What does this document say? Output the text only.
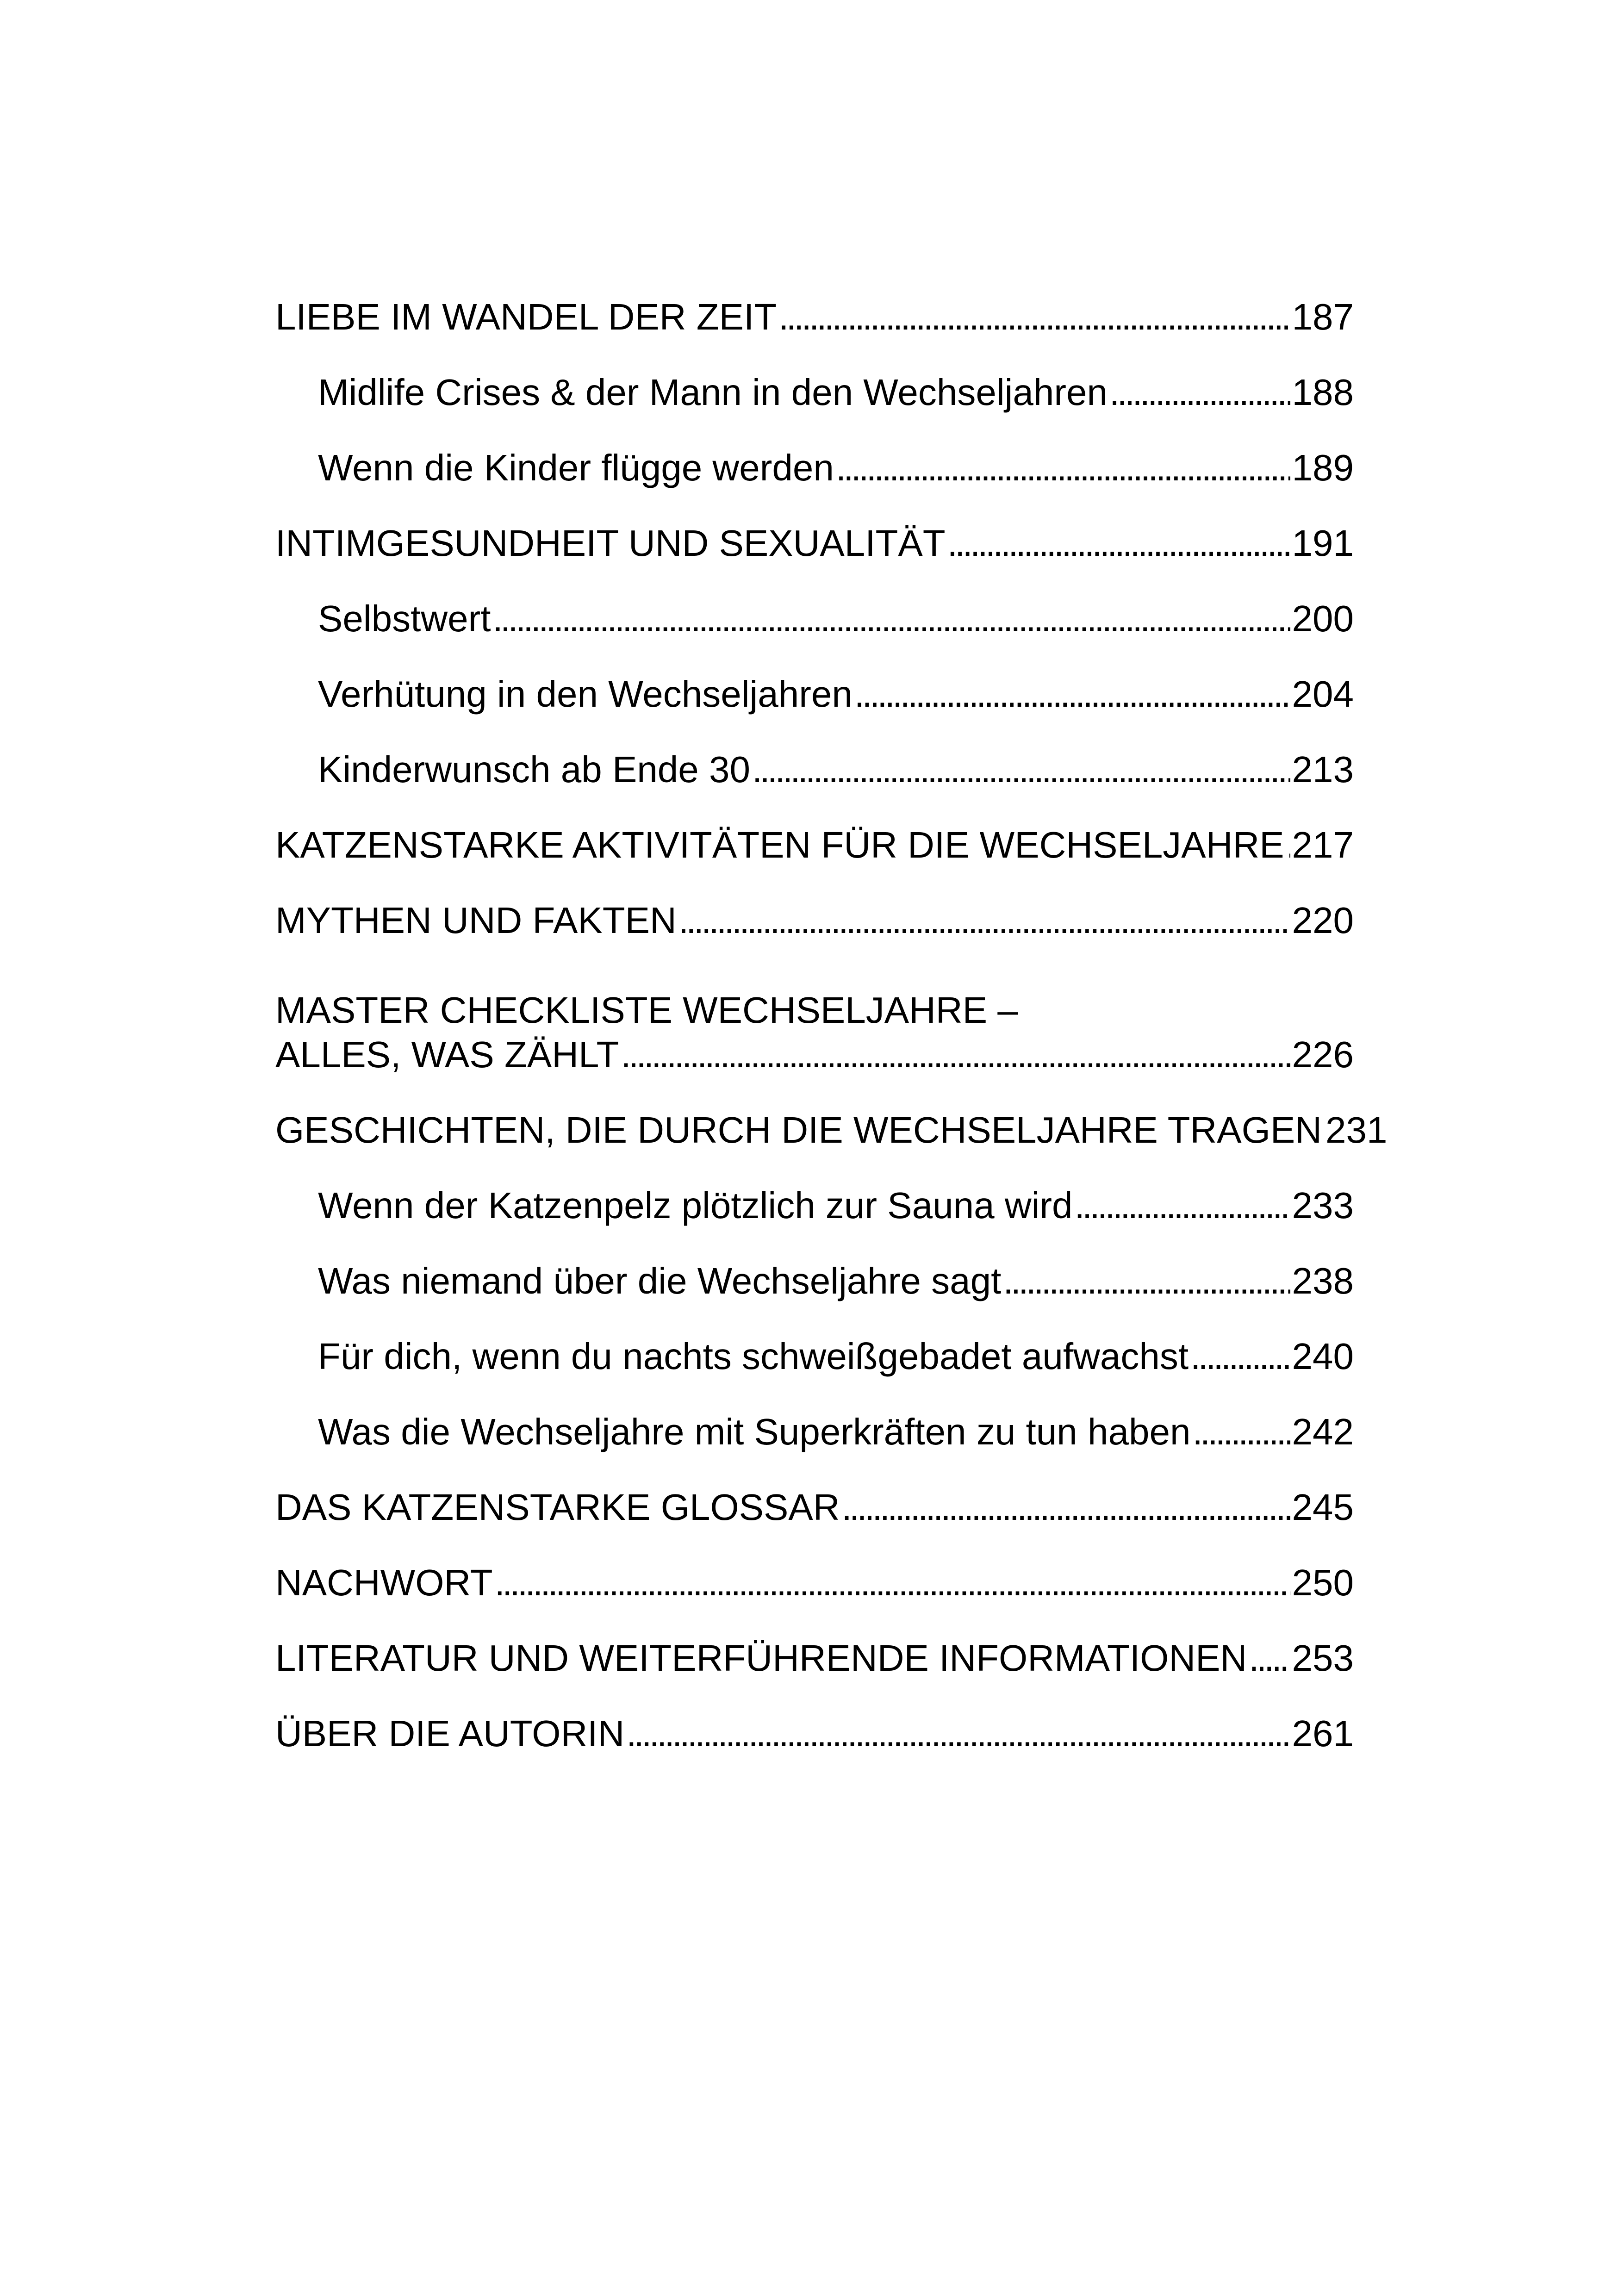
LIEBE IM WANDEL DER ZEIT . . .	187
Midlife Crises & der Mann in den Wechseljahren . . .	188
Wenn die Kinder flügge werden . . .	189
INTIMGESUNDHEIT UND SEXUALITÄT . . .	191
Selbstwert . . .	200
Verhütung in den Wechseljahren . . .	204
Kinderwunsch ab Ende 30 . . .	213
KATZENSTARKE AKTIVITÄTEN FÜR DIE WECHSELJAHRE . . . 217
MYTHEN UND FAKTEN . . .	220
MASTER CHECKLISTE WECHSELJAHRE –
ALLES, WAS ZÄHLT . . .	226
GESCHICHTEN, DIE DURCH DIE WECHSELJAHRE TRAGEN 231
Wenn der Katzenpelz plötzlich zur Sauna wird . . .	233
Was niemand über die Wechseljahre sagt . . .	238
Für dich, wenn du nachts schweißgebadet aufwachst . . .	240
Was die Wechseljahre mit Superkräften zu tun haben . . .	242
DAS KATZENSTARKE GLOSSAR . . .	245
NACHWORT . . .	250
LITERATUR UND WEITERFÜHRENDE INFORMATIONEN . . . 253
ÜBER DIE AUTORIN . . .	261
